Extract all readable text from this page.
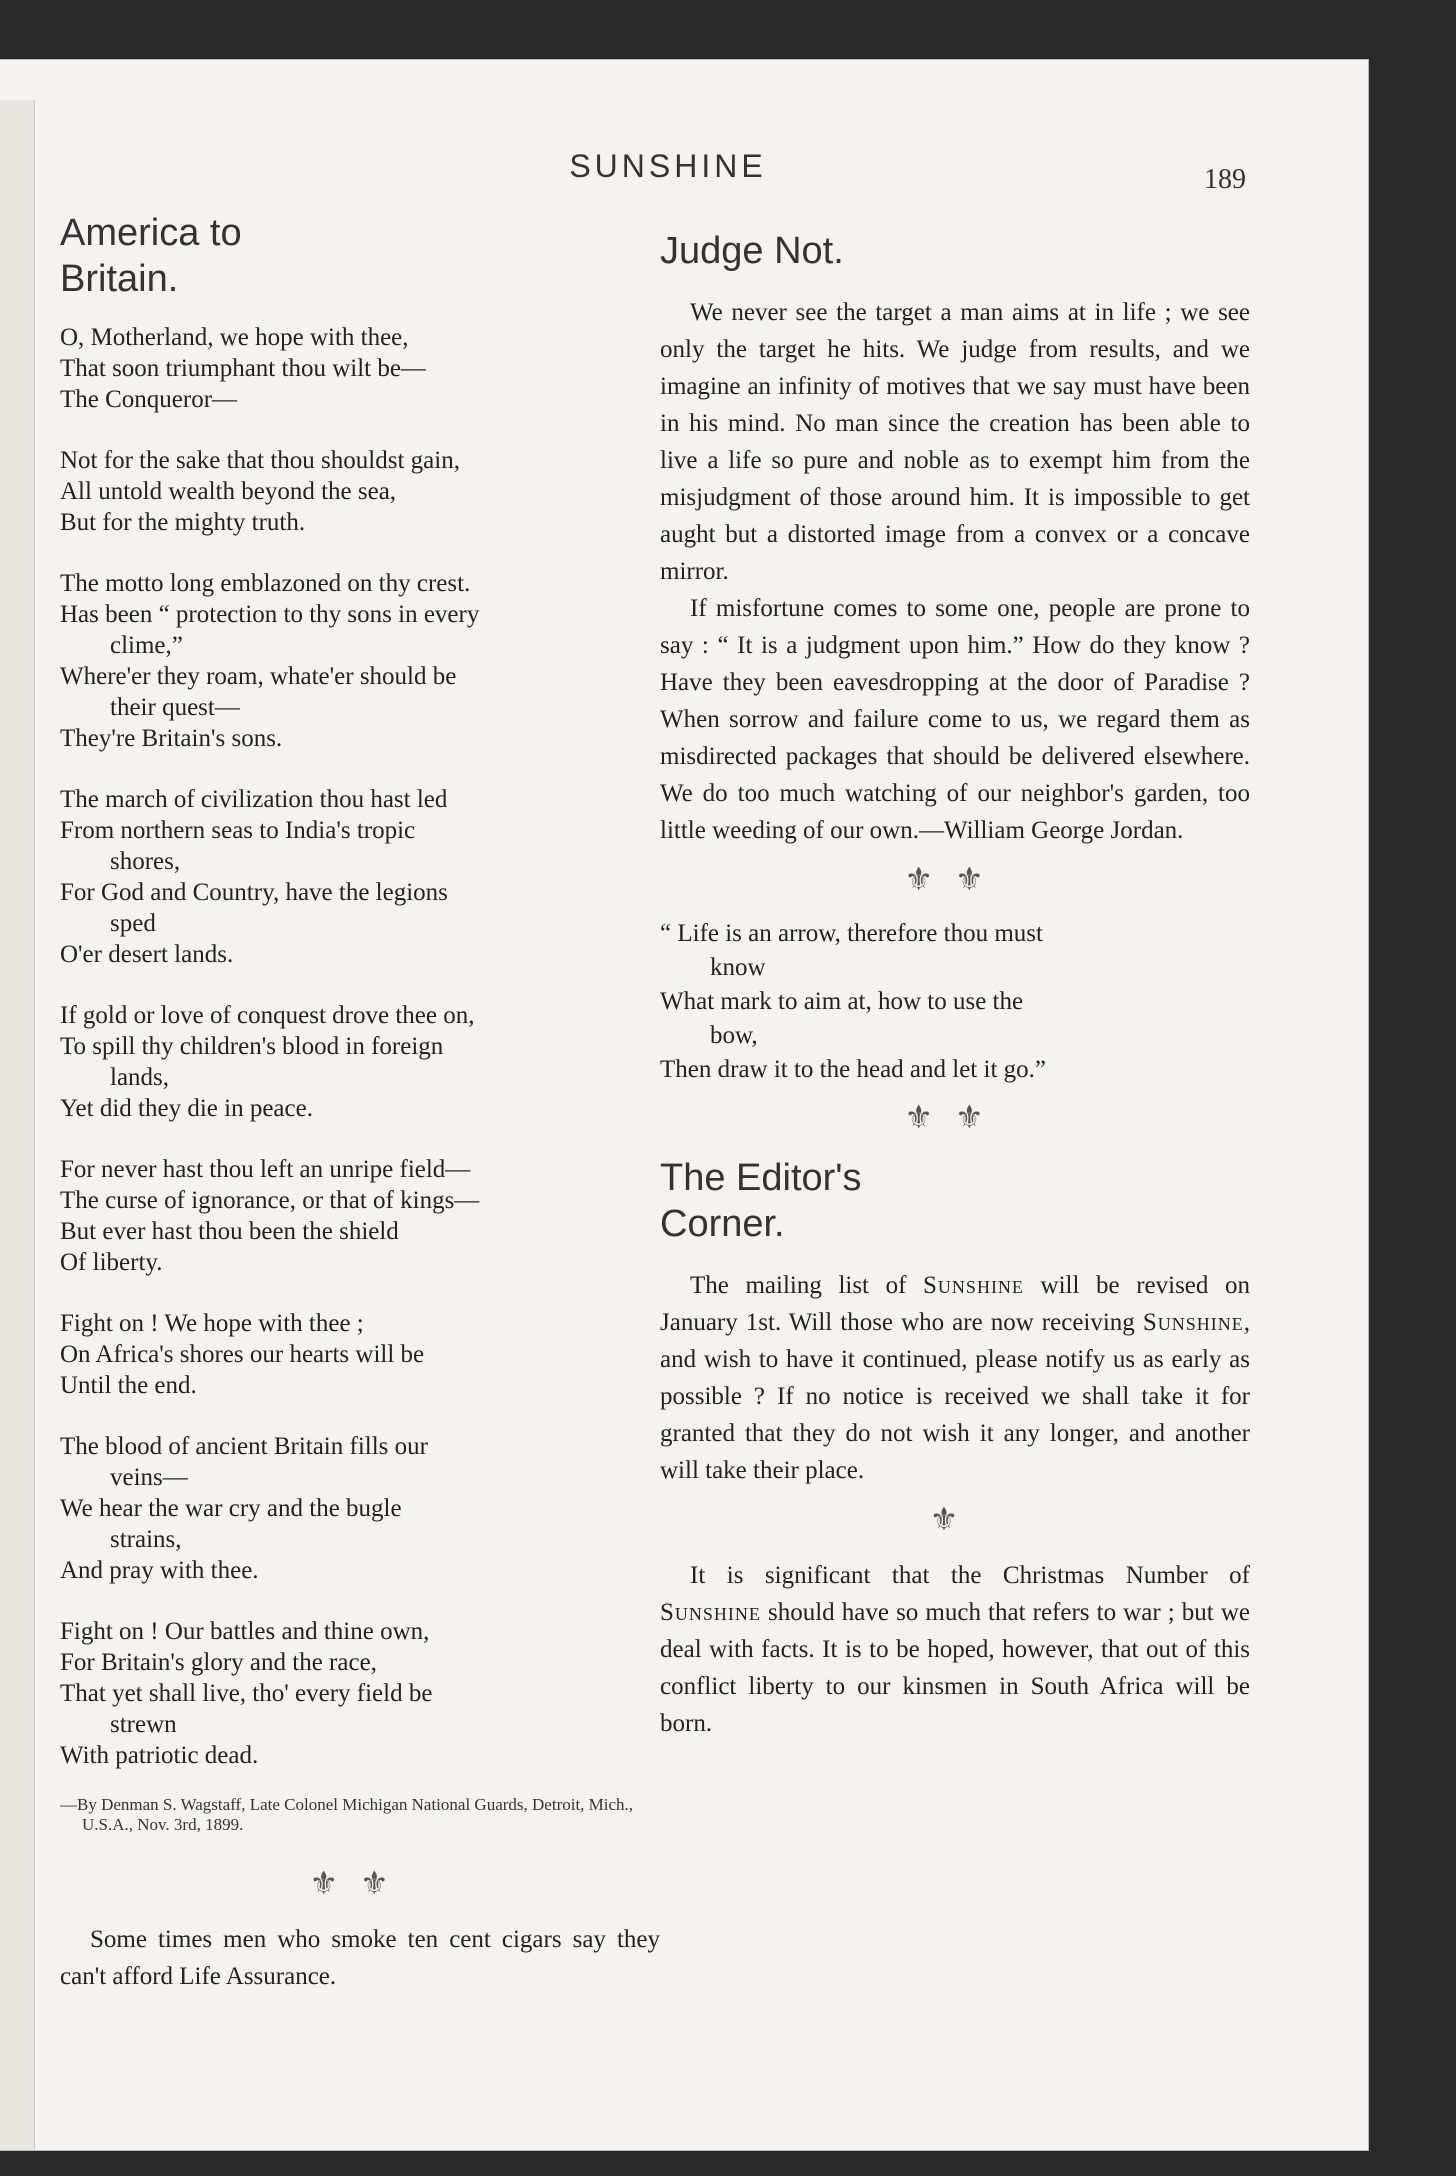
SUNSHINE	189
America to
Britain.
O, Motherland, we hope with thee,
That soon triumphant thou wilt be—
The Conqueror—
Not for the sake that thou shouldst gain,
All untold wealth beyond the sea,
But for the mighty truth.
The motto long emblazoned on thy crest.
Has been “ protection to thy sons in every
clime,”
Where'er they roam, whate'er should be
their quest—
They're Britain's sons.
The march of civilization thou hast led
From northern seas to India's tropic
shores,
For God and Country, have the legions
sped
O'er desert lands.
If gold or love of conquest drove thee on,
To spill thy children's blood in foreign
lands,
Yet did they die in peace.
For never hast thou left an unripe field—
The curse of ignorance, or that of kings—
But ever hast thou been the shield
Of liberty.
Fight on ! We hope with thee ;
On Africa's shores our hearts will be
Until the end.
The blood of ancient Britain fills our
veins—
We hear the war cry and the bugle
strains,
And pray with thee.
Fight on ! Our battles and thine own,
For Britain's glory and the race,
That yet shall live, tho' every field be
strewn
With patriotic dead.
—By Denman S. Wagstaff, Late Colonel Michigan National Guards, Detroit, Mich., U.S.A., Nov. 3rd, 1899.
⚜⚜

Some times men who smoke ten cent cigars say they can't afford Life Assurance.

Judge Not.

We never see the target a man aims at in life ; we see only the target he hits. We judge from results, and we imagine an infinity of motives that we say must have been in his mind. No man since the creation has been able to live a life so pure and noble as to exempt him from the misjudgment of those around him. It is impossible to get aught but a distorted image from a convex or a concave mirror.

If misfortune comes to some one, people are prone to say : “ It is a judgment upon him.” How do they know ? Have they been eavesdropping at the door of Paradise ? When sorrow and failure come to us, we regard them as misdirected packages that should be delivered elsewhere. We do too much watching of our neighbor's garden, too little weeding of our own.—William George Jordan.

⚜⚜
“ Life is an arrow, therefore thou must
know
What mark to aim at, how to use the
bow,
Then draw it to the head and let it go.”
⚜⚜
The Editor's
Corner.

The mailing list of Sunshine will be revised on January 1st. Will those who are now receiving Sunshine, and wish to have it continued, please notify us as early as possible ? If no notice is received we shall take it for granted that they do not wish it any longer, and another will take their place.

⚜

It is significant that the Christmas Number of Sunshine should have so much that refers to war ; but we deal with facts. It is to be hoped, however, that out of this conflict liberty to our kinsmen in South Africa will be born.
